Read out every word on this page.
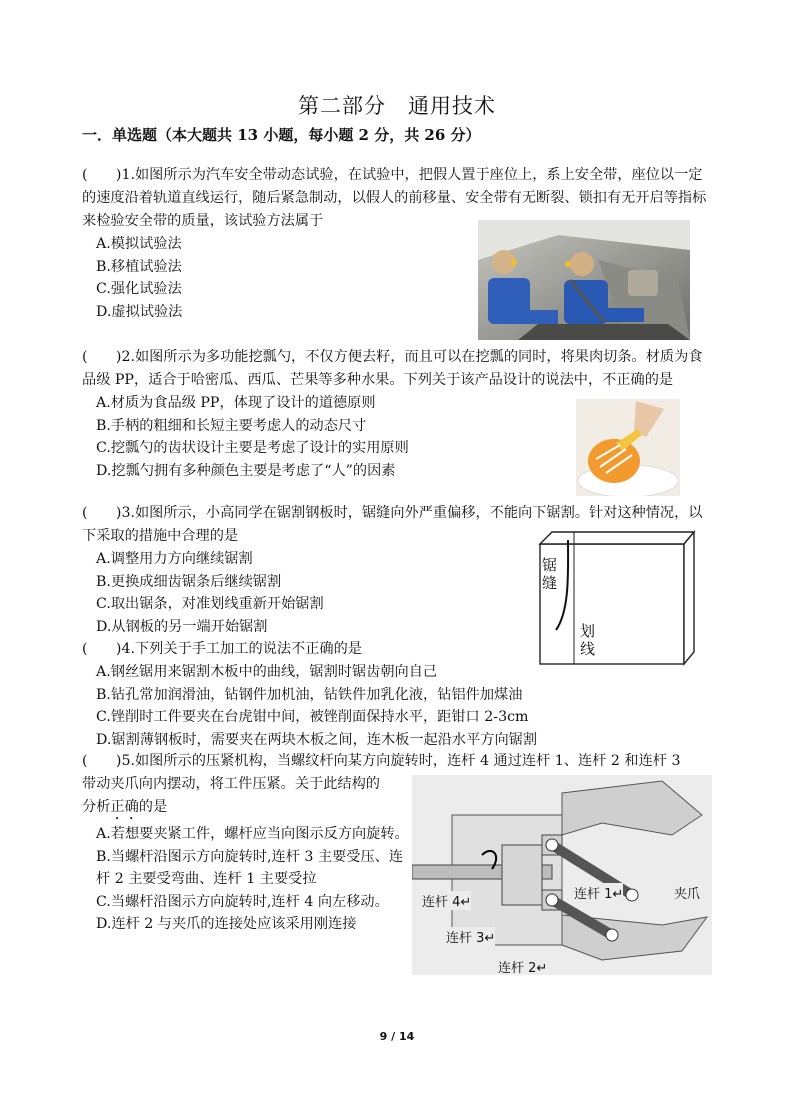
第二部分　通用技术
一．单选题（本大题共 13 小题，每小题 2 分，共 26 分）

(　　)1.如图所示为汽车安全带动态试验，在试验中，把假人置于座位上，系上安全带，座位以一定的速度沿着轨道直线运行，随后紧急制动，以假人的前移量、安全带有无断裂、锁扣有无开启等指标来检验安全带的质量，该试验方法属于

A.模拟试验法
B.移植试验法
C.强化试验法
D.虚拟试验法

(　　)2.如图所示为多功能挖瓢勺，不仅方便去籽，而且可以在挖瓢的同时，将果肉切条。材质为食品级 PP，适合于哈密瓜、西瓜、芒果等多种水果。下列关于该产品设计的说法中，不正确的是

A.材质为食品级 PP，体现了设计的道德原则
B.手柄的粗细和长短主要考虑人的动态尺寸
C.挖瓢勺的齿状设计主要是考虑了设计的实用原则
D.挖瓢勺拥有多种颜色主要是考虑了“人”的因素

(　　)3.如图所示，小高同学在锯割钢板时，锯缝向外严重偏移，不能向下锯割。针对这种情况，以下采取的措施中合理的是

A.调整用力方向继续锯割
B.更换成细齿锯条后继续锯割
C.取出锯条，对准划线重新开始锯割
D.从钢板的另一端开始锯割
锯缝
划线

(　　)4.下列关于手工加工的说法不正确的是

A.钢丝锯用来锯割木板中的曲线，锯割时锯齿朝向自己
B.钻孔常加润滑油，钻钢件加机油，钻铁件加乳化液，钻铝件加煤油
C.锉削时工件要夹在台虎钳中间，被锉削面保持水平，距钳口 2-3cm
D.锯割薄钢板时，需要夹在两块木板之间，连木板一起沿水平方向锯割

(　　)5.如图所示的压紧机构，当螺纹杆向某方向旋转时，连杆 4 通过连杆 1、连杆 2 和连杆 3

带动夹爪向内摆动，将工件压紧。关于此结构的

分析正确的是

A.若想要夹紧工件，螺杆应当向图示反方向旋转。
B.当螺杆沿图示方向旋转时,连杆 3 主要受压、连杆 2 主要受弯曲、连杆 1 主要受拉
C.当螺杆沿图示方向旋转时,连杆 4 向左移动。
D.连杆 2 与夹爪的连接处应该采用刚连接
连杆 4↵
连杆 1↵	夹爪
连杆 3↵
连杆 2↵
9 / 14
